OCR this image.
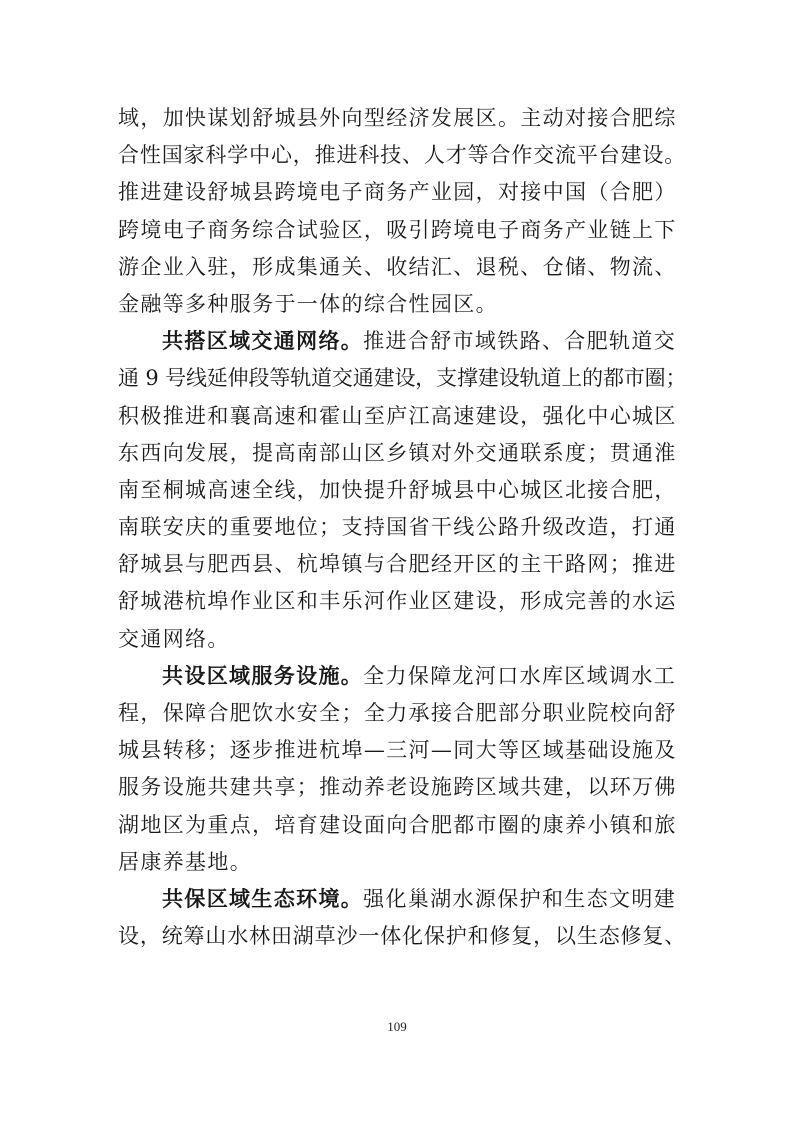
域，加快谋划舒城县外向型经济发展区。主动对接合肥综
合性国家科学中心，推进科技、人才等合作交流平台建设。
推进建设舒城县跨境电子商务产业园，对接中国（合肥）
跨境电子商务综合试验区，吸引跨境电子商务产业链上下
游企业入驻，形成集通关、收结汇、退税、仓储、物流、
金融等多种服务于一体的综合性园区。
共搭区域交通网络。推进合舒市域铁路、合肥轨道交
通 9 号线延伸段等轨道交通建设，支撑建设轨道上的都市圈；
积极推进和襄高速和霍山至庐江高速建设，强化中心城区
东西向发展，提高南部山区乡镇对外交通联系度；贯通淮
南至桐城高速全线，加快提升舒城县中心城区北接合肥，
南联安庆的重要地位；支持国省干线公路升级改造，打通
舒城县与肥西县、杭埠镇与合肥经开区的主干路网；推进
舒城港杭埠作业区和丰乐河作业区建设，形成完善的水运
交通网络。
共设区域服务设施。全力保障龙河口水库区域调水工
程，保障合肥饮水安全；全力承接合肥部分职业院校向舒
城县转移；逐步推进杭埠—三河—同大等区域基础设施及
服务设施共建共享；推动养老设施跨区域共建，以环万佛
湖地区为重点，培育建设面向合肥都市圈的康养小镇和旅
居康养基地。
共保区域生态环境。强化巢湖水源保护和生态文明建
设，统筹山水林田湖草沙一体化保护和修复，以生态修复、
109
